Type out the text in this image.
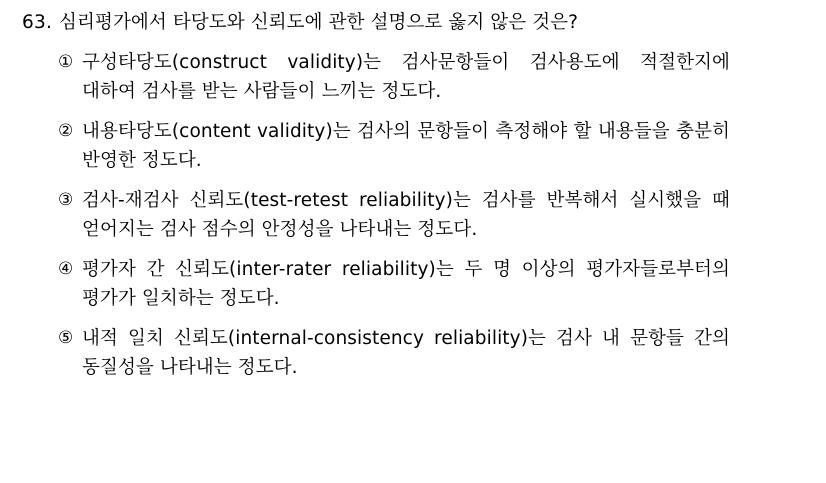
63. 심리평가에서 타당도와 신뢰도에 관한 설명으로 옳지 않은 것은?
① 구성타당도(construct validity)는 검사문항들이 검사용도에 적절한지에 대하여 검사를 받는 사람들이 느끼는 정도다.
② 내용타당도(content validity)는 검사의 문항들이 측정해야 할 내용들을 충분히 반영한 정도다.
③ 검사-재검사 신뢰도(test-retest reliability)는 검사를 반복해서 실시했을 때 얻어지는 검사 점수의 안정성을 나타내는 정도다.
④ 평가자 간 신뢰도(inter-rater reliability)는 두 명 이상의 평가자들로부터의 평가가 일치하는 정도다.
⑤ 내적 일치 신뢰도(internal-consistency reliability)는 검사 내 문항들 간의 동질성을 나타내는 정도다.
